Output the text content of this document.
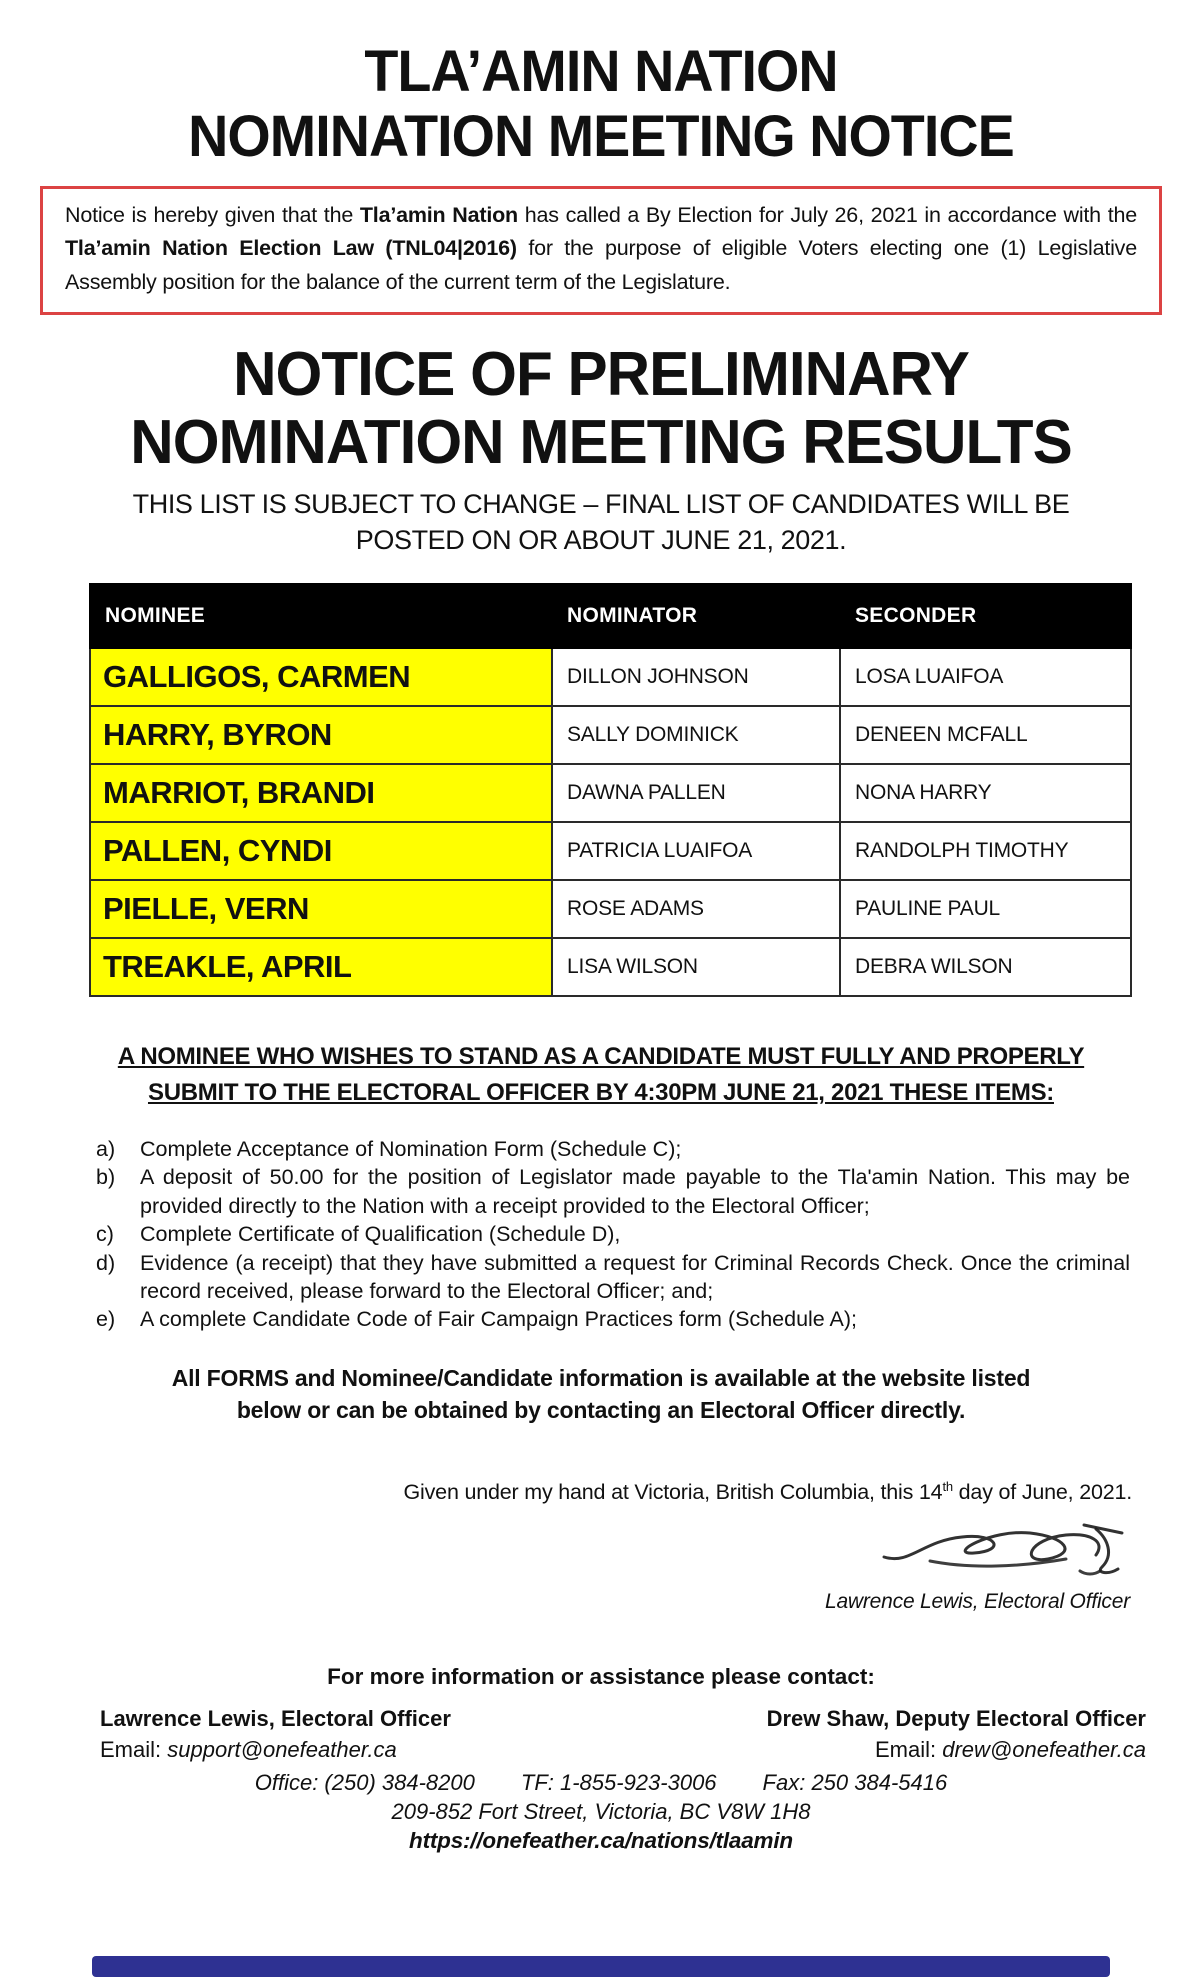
TLA’AMIN NATION
NOMINATION MEETING NOTICE
Notice is hereby given that the Tla’amin Nation has called a By Election for July 26, 2021 in accordance with the Tla’amin Nation Election Law (TNL04|2016) for the purpose of eligible Voters electing one (1) Legislative Assembly position for the balance of the current term of the Legislature.
NOTICE OF PRELIMINARY
NOMINATION MEETING RESULTS
THIS LIST IS SUBJECT TO CHANGE – FINAL LIST OF CANDIDATES WILL BE
POSTED ON OR ABOUT JUNE 21, 2021.
NOMINEE	NOMINATOR	SECONDER
GALLIGOS, CARMEN	DILLON JOHNSON	LOSA LUAIFOA
HARRY, BYRON	SALLY DOMINICK	DENEEN MCFALL
MARRIOT, BRANDI	DAWNA PALLEN	NONA HARRY
PALLEN, CYNDI	PATRICIA LUAIFOA	RANDOLPH TIMOTHY
PIELLE, VERN	ROSE ADAMS	PAULINE PAUL
TREAKLE, APRIL	LISA WILSON	DEBRA WILSON
A NOMINEE WHO WISHES TO STAND AS A CANDIDATE MUST FULLY AND PROPERLY
SUBMIT TO THE ELECTORAL OFFICER BY 4:30PM JUNE 21, 2021 THESE ITEMS:
a)	Complete Acceptance of Nomination Form (Schedule C);
b)	A deposit of 50.00 for the position of Legislator made payable to the Tla'amin Nation. This may be provided directly to the Nation with a receipt provided to the Electoral Officer;
c)	Complete Certificate of Qualification (Schedule D),
d)	Evidence (a receipt) that they have submitted a request for Criminal Records Check. Once the criminal record received, please forward to the Electoral Officer; and;
e)	A complete Candidate Code of Fair Campaign Practices form (Schedule A);
All FORMS and Nominee/Candidate information is available at the website listed
below or can be obtained by contacting an Electoral Officer directly.
Given under my hand at Victoria, British Columbia, this 14th day of June, 2021.
Lawrence Lewis, Electoral Officer
For more information or assistance please contact:
Lawrence Lewis, Electoral Officer
Email: support@onefeather.ca
Drew Shaw, Deputy Electoral Officer
Email: drew@onefeather.ca
Office: (250) 384-8200 TF: 1-855-923-3006 Fax: 250 384-5416
209-852 Fort Street, Victoria, BC V8W 1H8
https://onefeather.ca/nations/tlaamin
